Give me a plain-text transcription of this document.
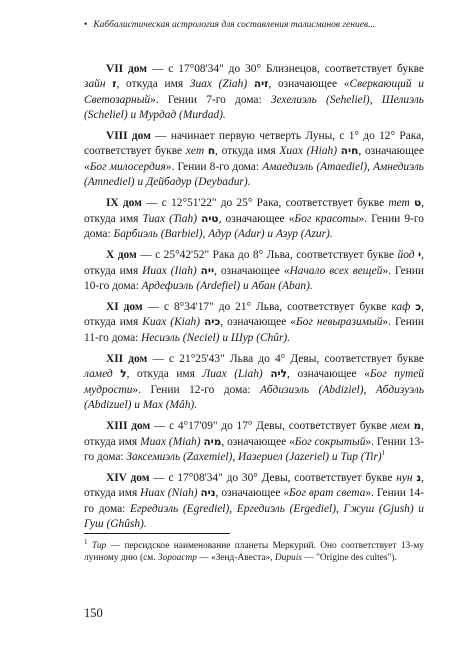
• Каббалистическая астрология для составления талисманов гениев...

VII дом — с 17°08'34" до 30° Близнецов, соответствует букве зайн ז, откуда имя Зиах (Ziah) זיה, означающее «Сверкающий и Светозарный». Гении 7-го дома: Зехелиэль (Seheliel), Шелиэль (Scheliel) и Мурдад (Murdad).

VIII дом — начинает первую четверть Луны, с 1° до 12° Рака, соответствует букве хет ח, откуда имя Хиах (Hiah) חיה, означающее «Бог милосердия». Гении 8-го дома: Амаедиэль (Amaediel), Амнедиэль (Amnediel) и Дейбадур (Deybadur).

IX дом — с 12°51'22" до 25° Рака, соответствует букве тет ט, откуда имя Тиах (Tiah) טיה, означающее «Бог красоты». Гении 9-го дома: Барбиэль (Barbiel), Адур (Adur) и Азур (Azur).

X дом — с 25°42'52" Рака до 8° Льва, соответствует букве йод י, откуда имя Ииах (Iiah) ייה, означающее «Начало всех вещей». Гении 10-го дома: Ардефиэль (Ardefiel) и Абан (Aban).

XI дом — с 8°34'17" до 21° Льва, соответствует букве каф כ, откуда имя Киах (Kiah) כיה, означающее «Бог невыразимый». Гении 11-го дома: Несиэль (Neciel) и Шур (Chûr).

XII дом — с 21°25'43" Льва до 4° Девы, соответствует букве ламед ל, откуда имя Лиах (Liah) ליה, означающее «Бог путей мудрости». Гении 12-го дома: Абдизиэль (Abdiziel), Абдизуэль (Abdizuel) и Мах (Mâh).

XIII дом — с 4°17'09" до 17° Девы, соответствует букве мем מ, откуда имя Миах (Miah) מיה, означающее «Бог сокрытый». Гении 13-го дома: Заксемиэль (Zaxemiel), Иазериел (Jazeriel) и Тир (Tir)$^1$

XIV дом — с 17°08'34" до 30° Девы, соответствует букве нун נ, откуда имя Ниах (Niah) ניה, означающее «Бог врат света». Гении 14-го дома: Егредиэль (Egrediel), Ергедиэль (Ergediel), Гжуш (Gjush) и Гуш (Ghûsh).

$^1$ Тир — персидское наименование планеты Меркурий. Оно соответствует 13-му лунному дню (см. Зороастр — «Зенд-Авеста», Dupuis — "Origine des cultes").

150
